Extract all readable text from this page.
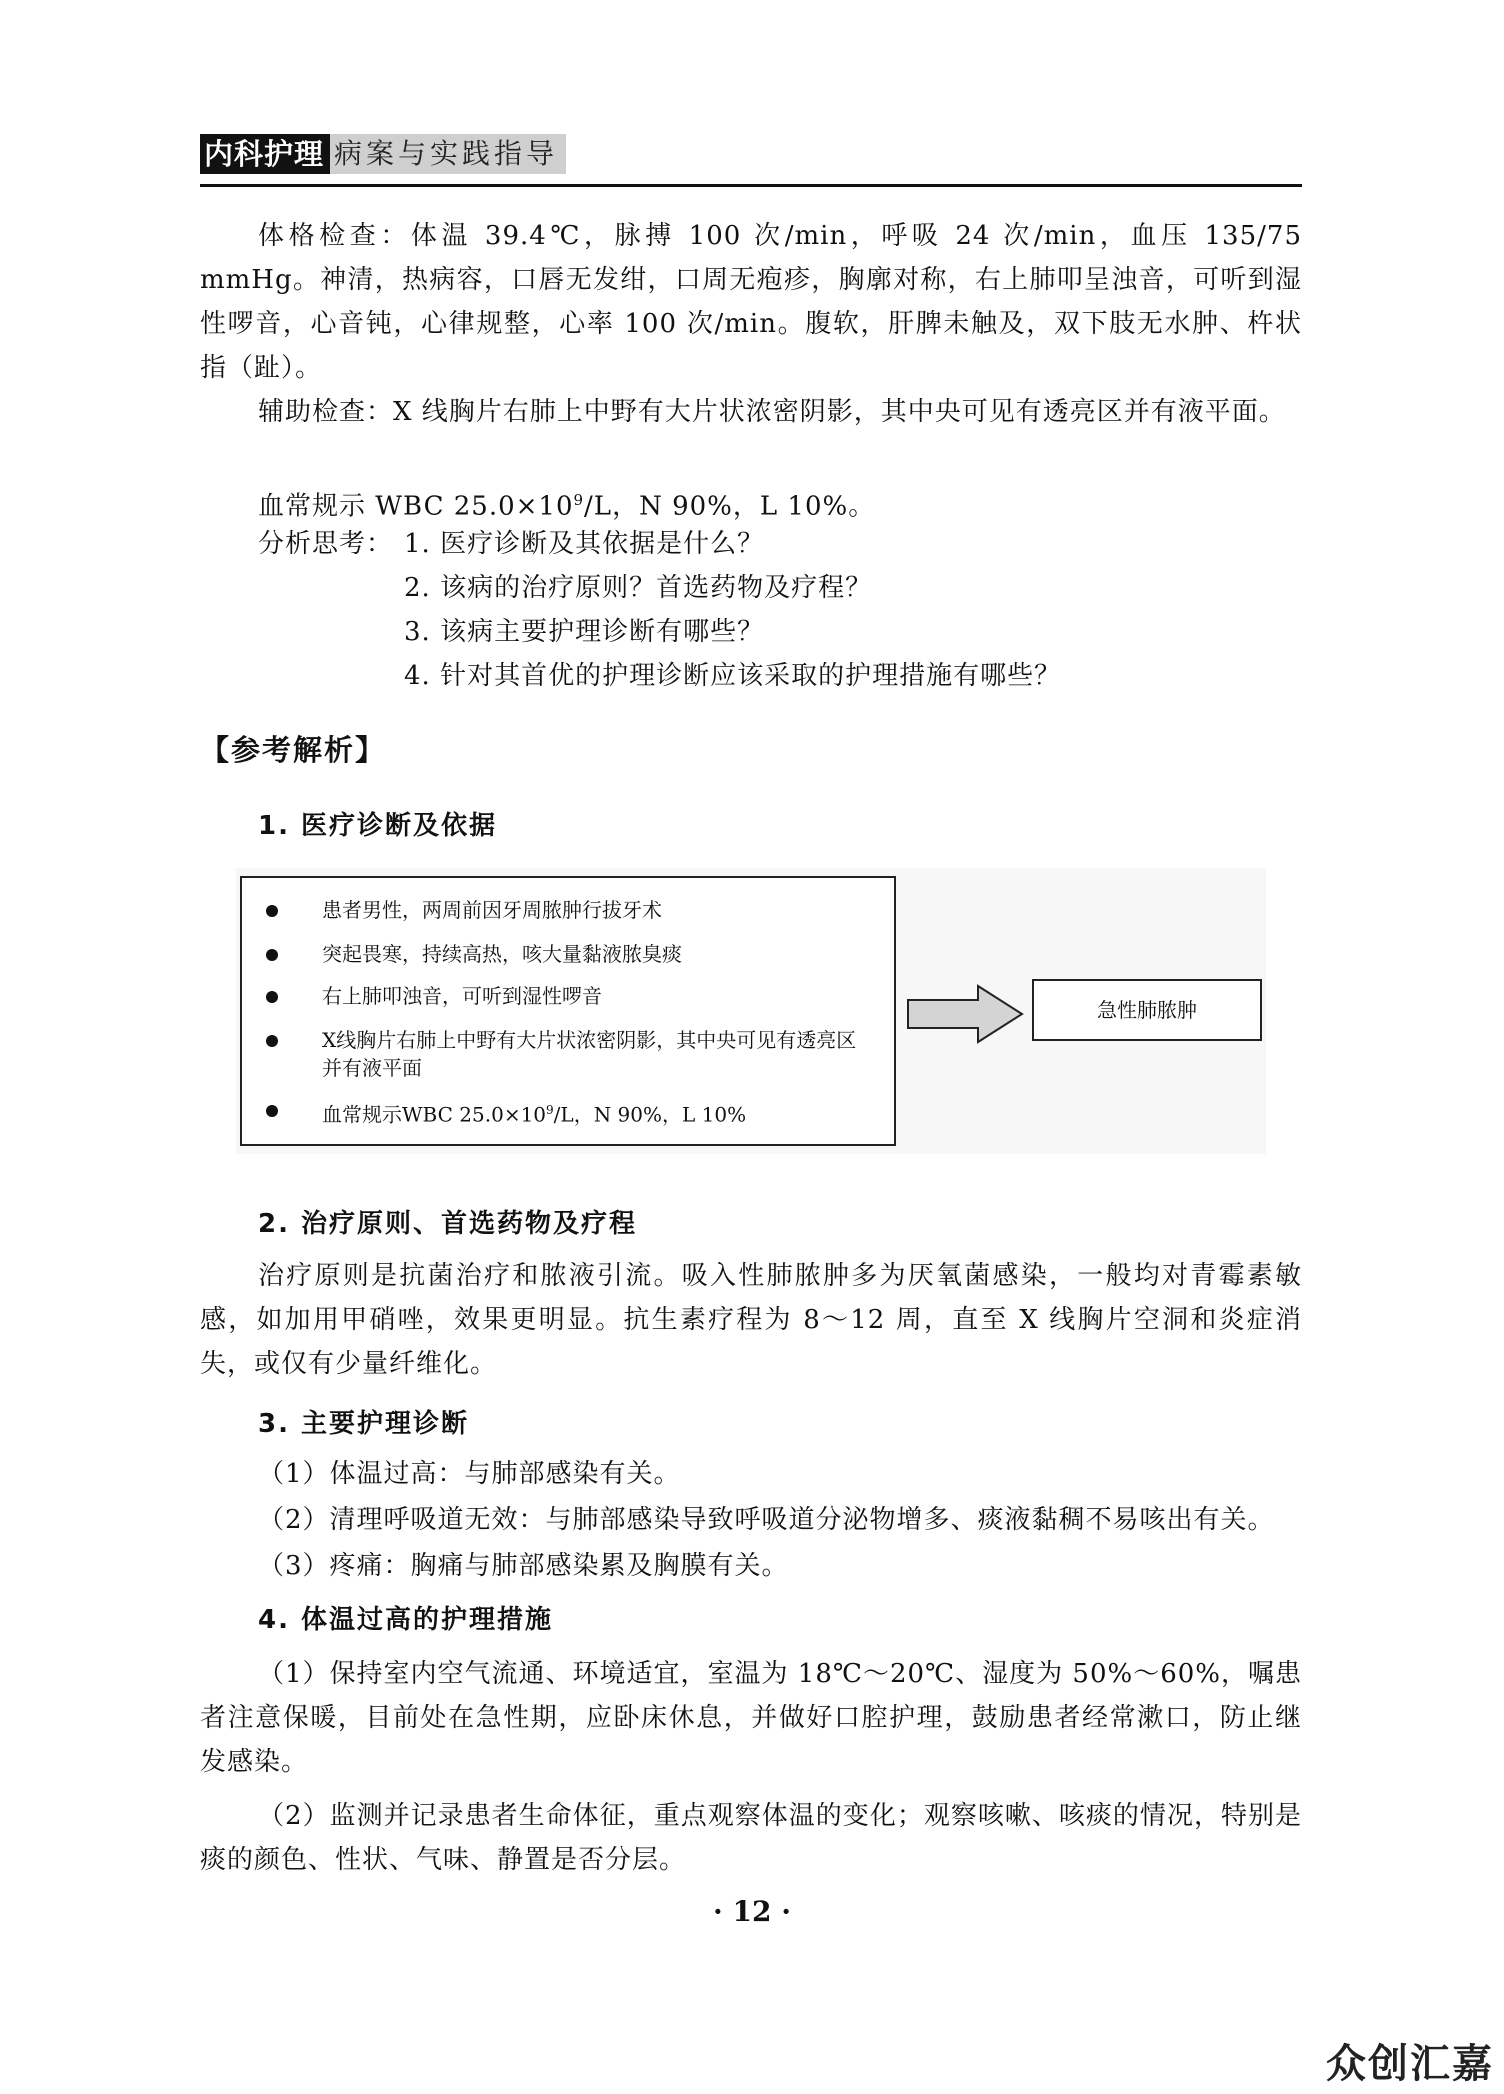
内科护理 病案与实践指导

体格检查：体温 39.4℃，脉搏 100 次/min，呼吸 24 次/min，血压 135/75 mmHg。神清，热病容，口唇无发绀，口周无疱疹，胸廓对称，右上肺叩呈浊音，可听到湿性啰音，心音钝，心律规整，心率 100 次/min。腹软，肝脾未触及，双下肢无水肿、杵状指（趾）。

辅助检查：X 线胸片右肺上中野有大片状浓密阴影，其中央可见有透亮区并有液平面。

血常规示 WBC $25.0\times 10^9/L$，N 90%，L 10%。
分析思考： 1. 医疗诊断及其依据是什么？
2. 该病的治疗原则？首选药物及疗程？
3. 该病主要护理诊断有哪些？
4. 针对其首优的护理诊断应该采取的护理措施有哪些？
【参考解析】
1. 医疗诊断及依据
患者男性，两周前因牙周脓肿行拔牙术
突起畏寒，持续高热，咳大量黏液脓臭痰
右上肺叩浊音，可听到湿性啰音
X线胸片右肺上中野有大片状浓密阴影，其中央可见有透亮区并有液平面
血常规示WBC $25.0\times 10^9/L$，N 90%，L 10%
急性肺脓肿
2. 治疗原则、首选药物及疗程

治疗原则是抗菌治疗和脓液引流。吸入性肺脓肿多为厌氧菌感染，一般均对青霉素敏感，如加用甲硝唑，效果更明显。抗生素疗程为 8～12 周，直至 X 线胸片空洞和炎症消失，或仅有少量纤维化。

3. 主要护理诊断
（1）体温过高：与肺部感染有关。
（2）清理呼吸道无效：与肺部感染导致呼吸道分泌物增多、痰液黏稠不易咳出有关。
（3）疼痛：胸痛与肺部感染累及胸膜有关。
4. 体温过高的护理措施

（1）保持室内空气流通、环境适宜，室温为 18℃～20℃、湿度为 50%～60%，嘱患者注意保暖，目前处在急性期，应卧床休息，并做好口腔护理，鼓励患者经常漱口，防止继发感染。

（2）监测并记录患者生命体征，重点观察体温的变化；观察咳嗽、咳痰的情况，特别是痰的颜色、性状、气味、静置是否分层。

· 12 ·
众创汇嘉
